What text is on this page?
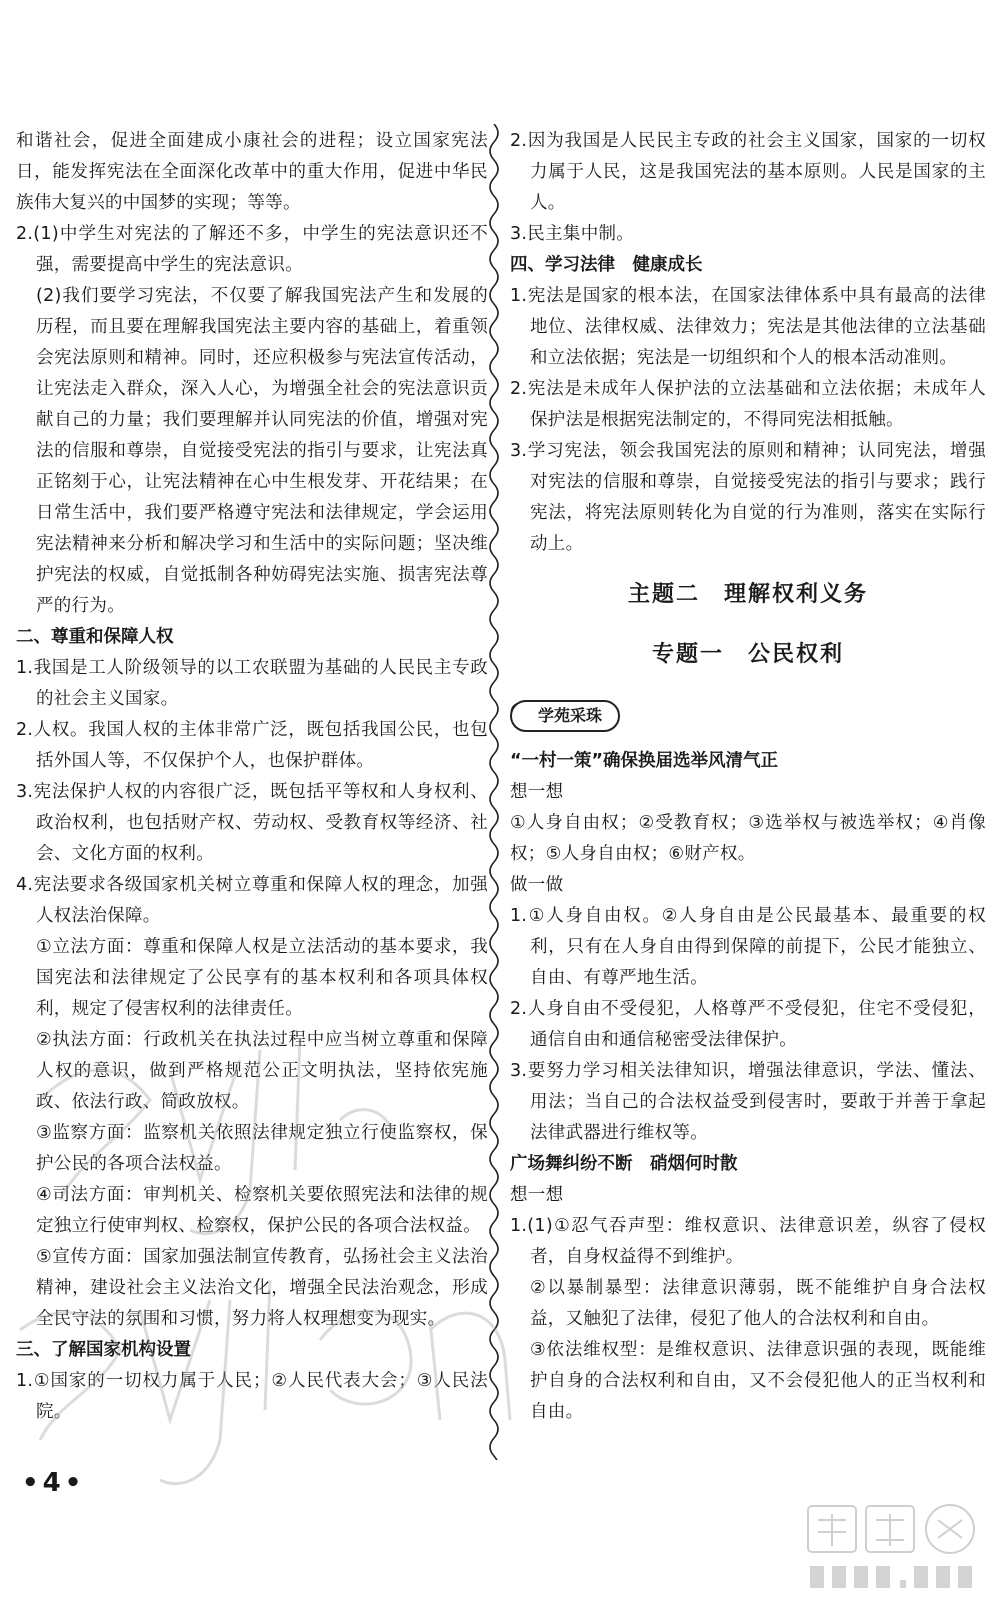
和谐社会，促进全面建成小康社会的进程；设立国家宪法日，能发挥宪法在全面深化改革中的重大作用，促进中华民族伟大复兴的中国梦的实现；等等。

2.(1)中学生对宪法的了解还不多，中学生的宪法意识还不强，需要提高中学生的宪法意识。

(2)我们要学习宪法，不仅要了解我国宪法产生和发展的历程，而且要在理解我国宪法主要内容的基础上，着重领会宪法原则和精神。同时，还应积极参与宪法宣传活动，让宪法走入群众，深入人心，为增强全社会的宪法意识贡献自己的力量；我们要理解并认同宪法的价值，增强对宪法的信服和尊崇，自觉接受宪法的指引与要求，让宪法真正铭刻于心，让宪法精神在心中生根发芽、开花结果；在日常生活中，我们要严格遵守宪法和法律规定，学会运用宪法精神来分析和解决学习和生活中的实际问题；坚决维护宪法的权威，自觉抵制各种妨碍宪法实施、损害宪法尊严的行为。

二、尊重和保障人权

1.我国是工人阶级领导的以工农联盟为基础的人民民主专政的社会主义国家。

2.人权。我国人权的主体非常广泛，既包括我国公民，也包括外国人等，不仅保护个人，也保护群体。

3.宪法保护人权的内容很广泛，既包括平等权和人身权利、政治权利，也包括财产权、劳动权、受教育权等经济、社会、文化方面的权利。

4.宪法要求各级国家机关树立尊重和保障人权的理念，加强人权法治保障。

①立法方面：尊重和保障人权是立法活动的基本要求，我国宪法和法律规定了公民享有的基本权利和各项具体权利，规定了侵害权利的法律责任。

②执法方面：行政机关在执法过程中应当树立尊重和保障人权的意识，做到严格规范公正文明执法，坚持依宪施政、依法行政、简政放权。

③监察方面：监察机关依照法律规定独立行使监察权，保护公民的各项合法权益。

④司法方面：审判机关、检察机关要依照宪法和法律的规定独立行使审判权、检察权，保护公民的各项合法权益。

⑤宣传方面：国家加强法制宣传教育，弘扬社会主义法治精神，建设社会主义法治文化，增强全民法治观念，形成全民守法的氛围和习惯，努力将人权理想变为现实。

三、了解国家机构设置

1.①国家的一切权力属于人民；②人民代表大会；③人民法院。

2.因为我国是人民民主专政的社会主义国家，国家的一切权力属于人民，这是我国宪法的基本原则。人民是国家的主人。

3.民主集中制。

四、学习法律　健康成长

1.宪法是国家的根本法，在国家法律体系中具有最高的法律地位、法律权威、法律效力；宪法是其他法律的立法基础和立法依据；宪法是一切组织和个人的根本活动准则。

2.宪法是未成年人保护法的立法基础和立法依据；未成年人保护法是根据宪法制定的，不得同宪法相抵触。

3.学习宪法，领会我国宪法的原则和精神；认同宪法，增强对宪法的信服和尊崇，自觉接受宪法的指引与要求；践行宪法，将宪法原则转化为自觉的行为准则，落实在实际行动上。

主题二　理解权利义务

专题一　公民权利

学苑采珠

“一村一策”确保换届选举风清气正

想一想

①人身自由权；②受教育权；③选举权与被选举权；④肖像权；⑤人身自由权；⑥财产权。

做一做

1.①人身自由权。②人身自由是公民最基本、最重要的权利，只有在人身自由得到保障的前提下，公民才能独立、自由、有尊严地生活。

2.人身自由不受侵犯，人格尊严不受侵犯，住宅不受侵犯，通信自由和通信秘密受法律保护。

3.要努力学习相关法律知识，增强法律意识，学法、懂法、用法；当自己的合法权益受到侵害时，要敢于并善于拿起法律武器进行维权等。

广场舞纠纷不断　硝烟何时散

想一想

1.(1)①忍气吞声型：维权意识、法律意识差，纵容了侵权者，自身权益得不到维护。

②以暴制暴型：法律意识薄弱，既不能维护自身合法权益，又触犯了法律，侵犯了他人的合法权利和自由。

③依法维权型：是维权意识、法律意识强的表现，既能维护自身的合法权利和自由，又不会侵犯他人的正当权利和自由。

•4•
